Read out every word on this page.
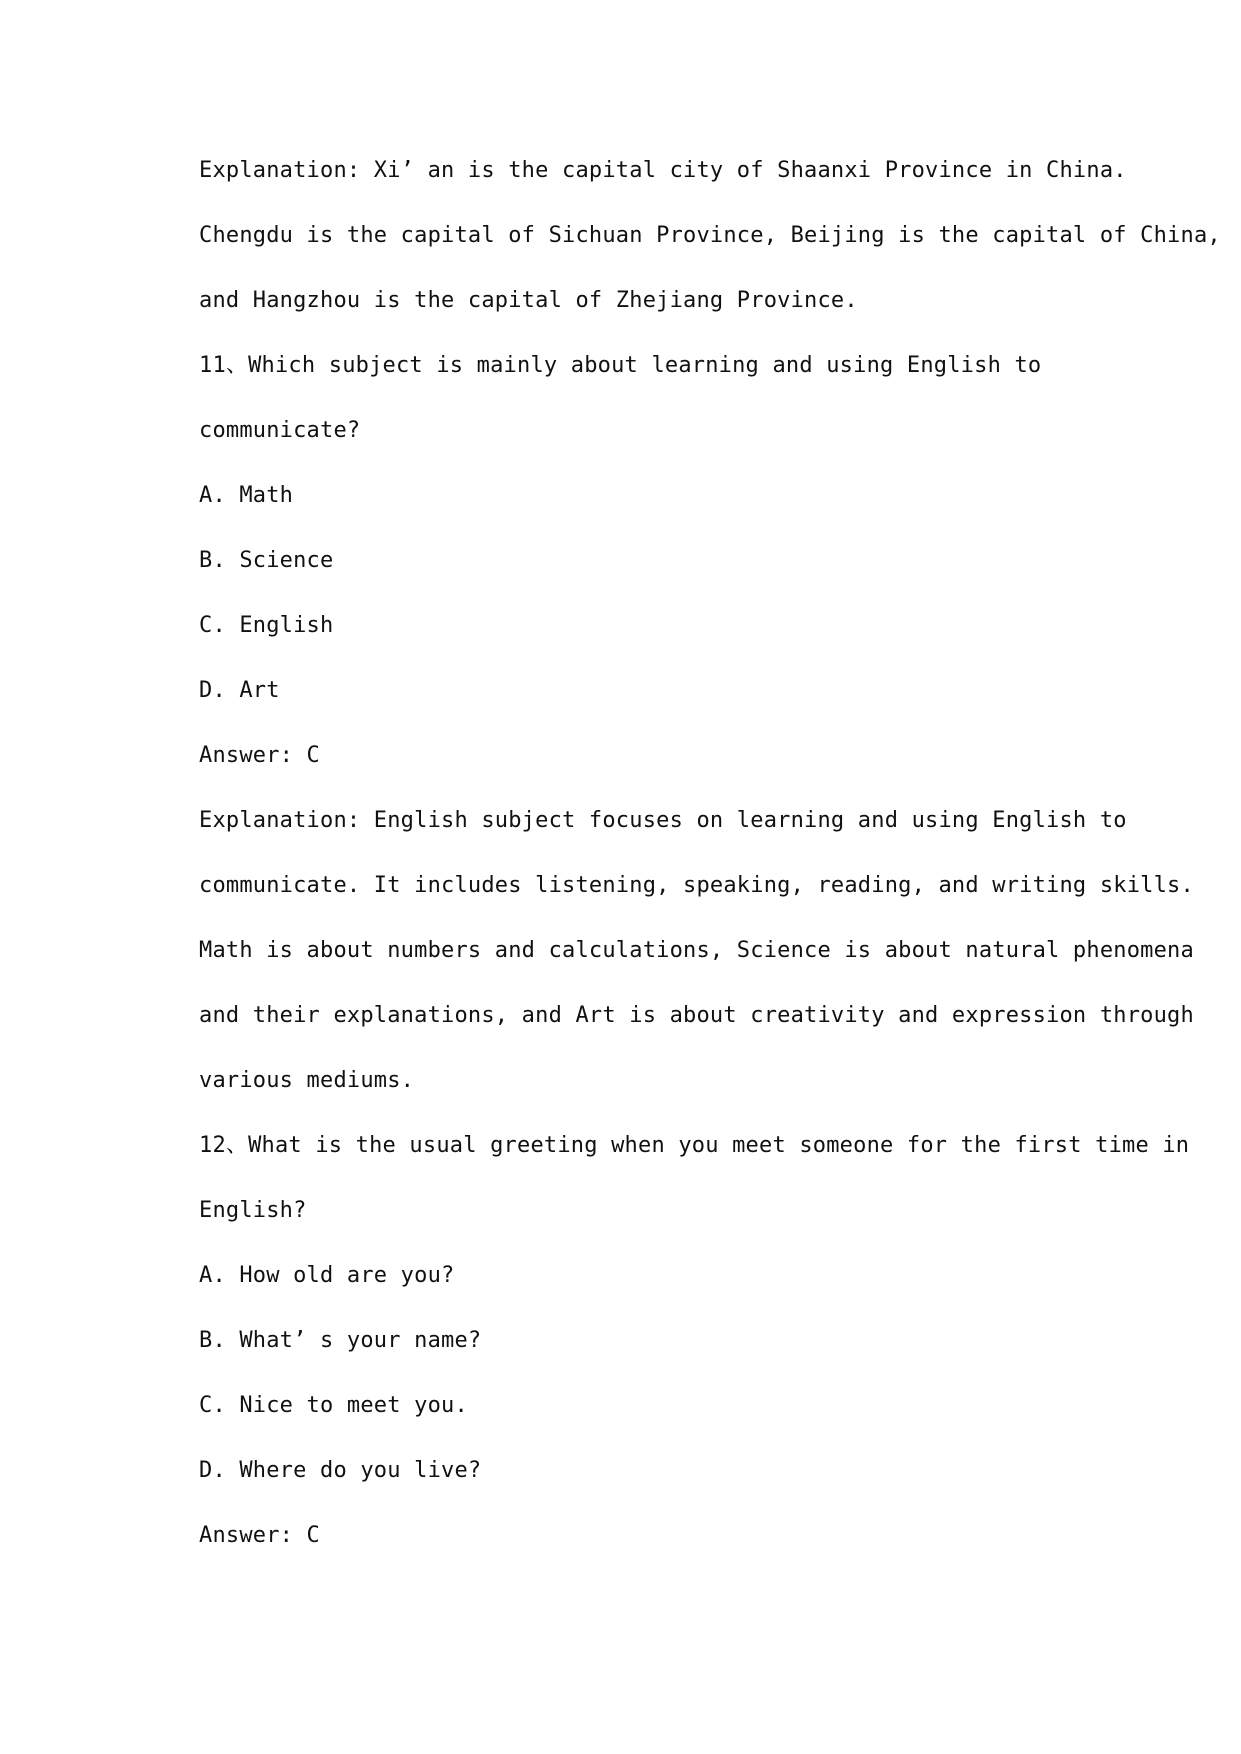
Explanation: Xi’ an is the capital city of Shaanxi Province in China.
Chengdu is the capital of Sichuan Province, Beijing is the capital of China,
and Hangzhou is the capital of Zhejiang Province.
11、Which subject is mainly about learning and using English to
communicate?
A. Math
B. Science
C. English
D. Art
Answer: C
Explanation: English subject focuses on learning and using English to
communicate. It includes listening, speaking, reading, and writing skills.
Math is about numbers and calculations, Science is about natural phenomena
and their explanations, and Art is about creativity and expression through
various mediums.
12、What is the usual greeting when you meet someone for the first time in
English?
A. How old are you?
B. What’ s your name?
C. Nice to meet you.
D. Where do you live?
Answer: C
